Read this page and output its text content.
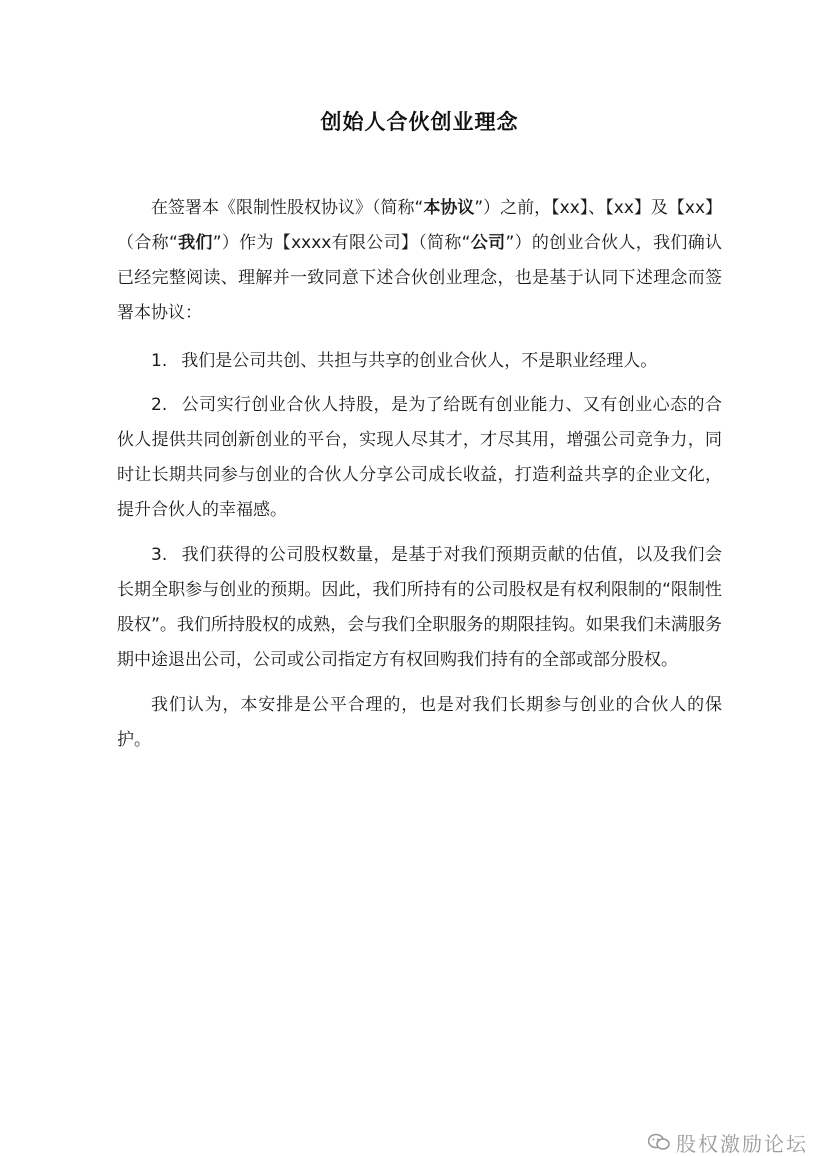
创始人合伙创业理念

在签署本《限制性股权协议》（简称“本协议”）之前，【xx】、【xx】及【xx】（合称“我们”）作为【xxxx有限公司】（简称“公司”）的创业合伙人，我们确认已经完整阅读、理解并一致同意下述合伙创业理念，也是基于认同下述理念而签署本协议：

1. 我们是公司共创、共担与共享的创业合伙人，不是职业经理人。

2. 公司实行创业合伙人持股，是为了给既有创业能力、又有创业心态的合伙人提供共同创新创业的平台，实现人尽其才，才尽其用，增强公司竞争力，同时让长期共同参与创业的合伙人分享公司成长收益，打造利益共享的企业文化，提升合伙人的幸福感。

3. 我们获得的公司股权数量，是基于对我们预期贡献的估值，以及我们会长期全职参与创业的预期。因此，我们所持有的公司股权是有权利限制的“限制性股权”。我们所持股权的成熟，会与我们全职服务的期限挂钩。如果我们未满服务期中途退出公司，公司或公司指定方有权回购我们持有的全部或部分股权。

我们认为，本安排是公平合理的，也是对我们长期参与创业的合伙人的保护。

股权激励论坛
